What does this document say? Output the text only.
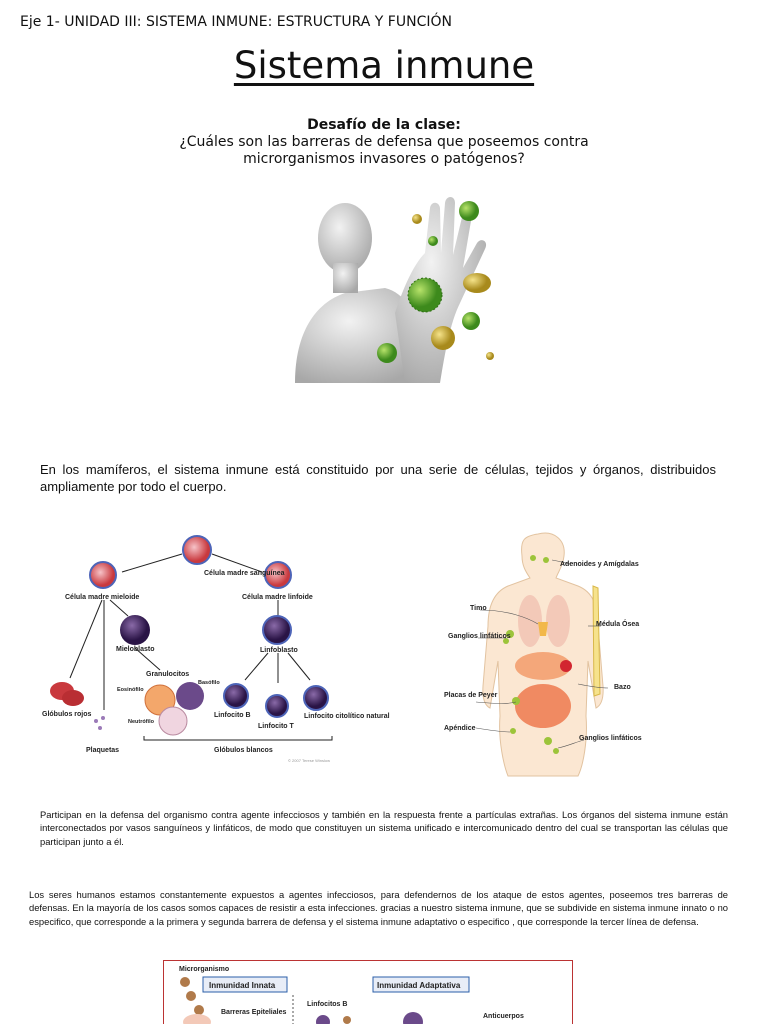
Eje 1- UNIDAD III: SISTEMA INMUNE: ESTRUCTURA Y FUNCIÓN
Sistema inmune
Desafío de la clase:
¿Cuáles son las barreras de defensa que poseemos contra microrganismos invasores o patógenos?
En los mamíferos, el sistema inmune está constituido por una serie de células, tejidos y órganos, distribuidos ampliamente por todo el cuerpo.
Célula madre sanguínea
Célula madre mieloide	Célula madre linfoide
Mieloblasto
Granulocitos
Basófilo
Eosinófilo
Neutrófilo
Linfoblasto
Glóbulos rojos
Plaquetas
Linfocito B
Linfocito T
Linfocito citolítico natural
Glóbulos blancos
© 2007 Terese Winslow
Adenoides y Amígdalas
Timo
Médula Ósea
Ganglios linfáticos
Bazo
Placas de Peyer
Apéndice
Ganglios linfáticos
Participan en la defensa del organismo contra agente infecciosos y también en la respuesta frente a partículas extrañas. Los órganos del sistema inmune están interconectados por vasos sanguíneos y linfáticos, de modo que constituyen un sistema unificado e intercomunicado dentro del cual se transportan las células que participan junto a él.
Los seres humanos estamos constantemente expuestos a agentes infecciosos, para defendernos de los ataque de estos agentes, poseemos tres barreras de defensas. En la mayoría de los casos somos capaces de resistir a esta infecciones. gracias a nuestro sistema inmune, que se subdivide en sistema inmune innato o no especifico, que corresponde a la primera y segunda barrera de defensa y el sistema inmune adaptativo o especifico , que corresponde la tercer línea de defensa.
Microrganismo
Inmunidad Innata	Inmunidad Adaptativa
Barreras Epiteliales
Linfocitos B
Anticuerpos
